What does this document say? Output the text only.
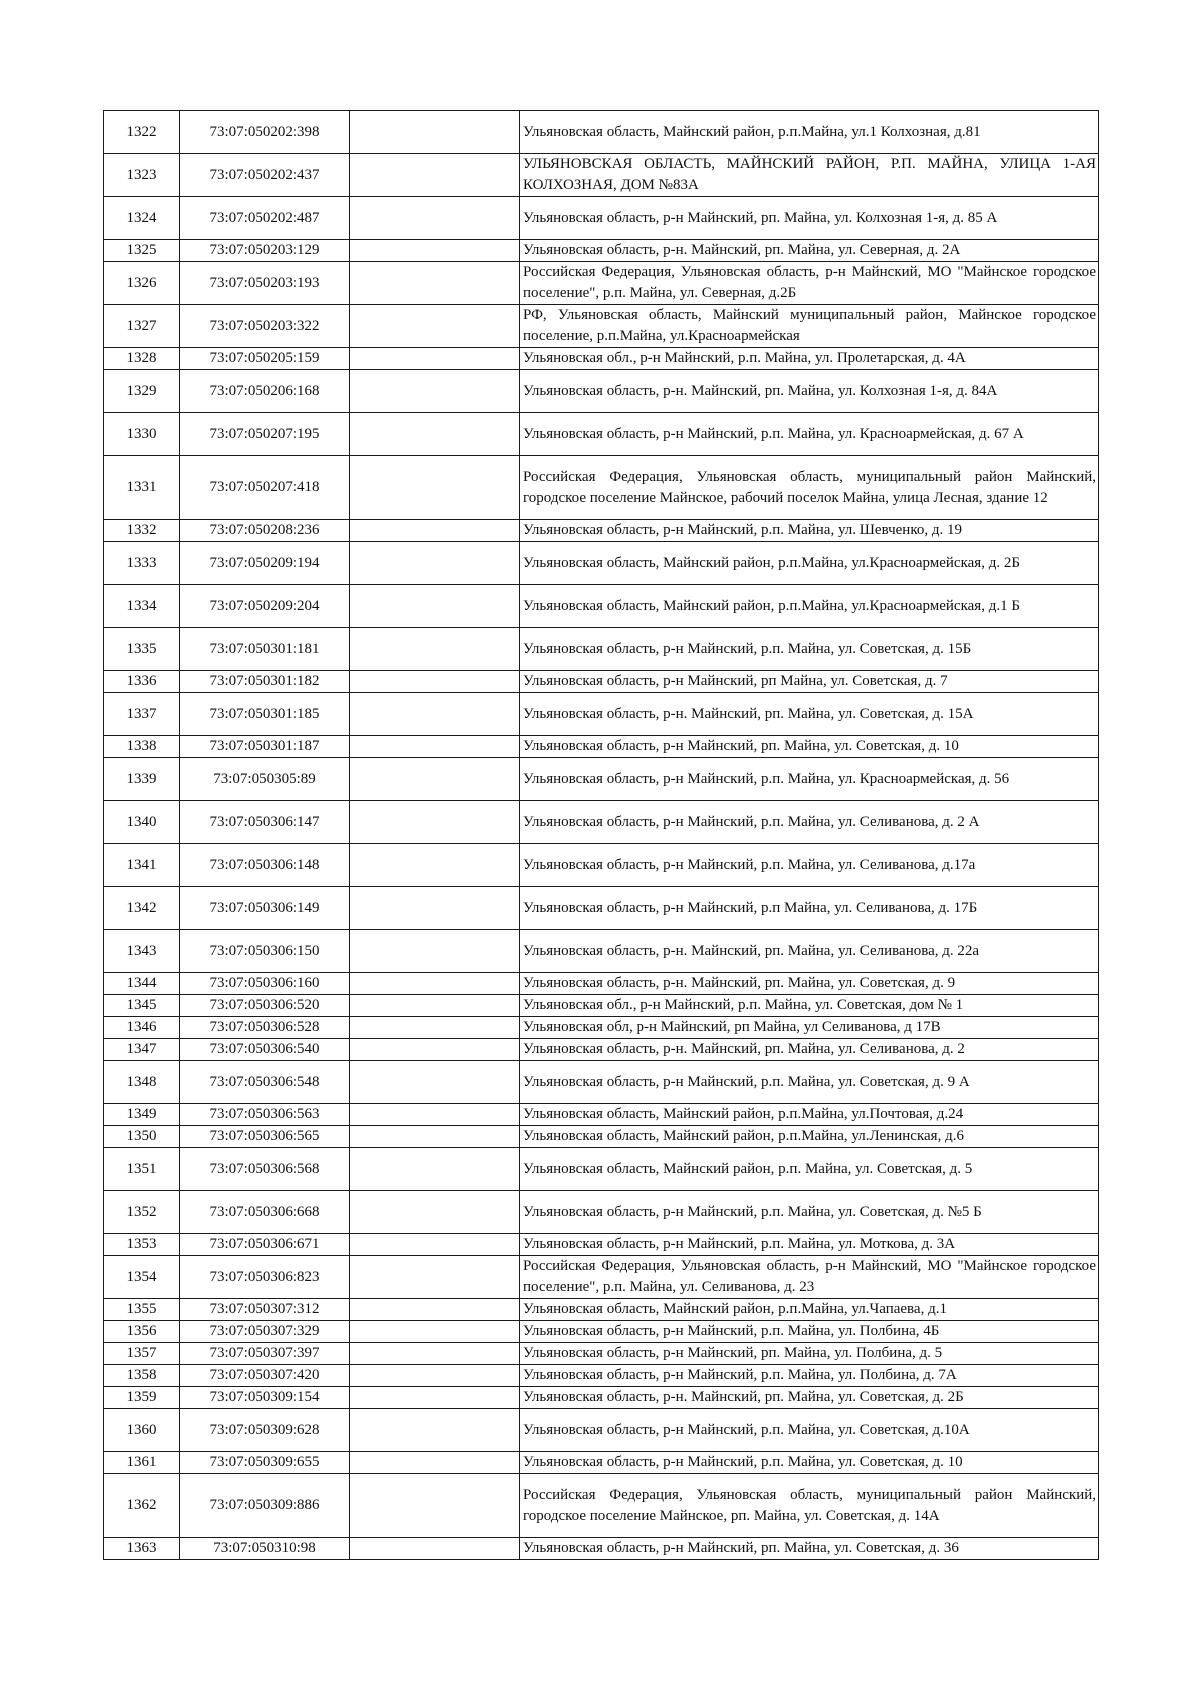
1322	73:07:050202:398		Ульяновская область, Майнский район, р.п.Майна, ул.1 Колхозная, д.81
1323	73:07:050202:437		УЛЬЯНОВСКАЯ ОБЛАСТЬ, МАЙНСКИЙ РАЙОН, Р.П. МАЙНА, УЛИЦА 1-АЯ КОЛХОЗНАЯ, ДОМ №83А
1324	73:07:050202:487		Ульяновская область, р-н Майнский, рп. Майна, ул. Колхозная 1-я, д. 85 А
1325	73:07:050203:129		Ульяновская область, р-н. Майнский, рп. Майна, ул. Северная, д. 2А
1326	73:07:050203:193		Российская Федерация, Ульяновская область, р-н Майнский, МО "Майнское городское поселение", р.п. Майна, ул. Северная, д.2Б
1327	73:07:050203:322		РФ, Ульяновская область, Майнский муниципальный район, Майнское городское поселение, р.п.Майна, ул.Красноармейская
1328	73:07:050205:159		Ульяновская обл., р-н Майнский, р.п. Майна, ул. Пролетарская, д. 4А
1329	73:07:050206:168		Ульяновская область, р-н. Майнский, рп. Майна, ул. Колхозная 1-я, д. 84А
1330	73:07:050207:195		Ульяновская область, р-н Майнский, р.п. Майна, ул. Красноармейская, д. 67 А
1331	73:07:050207:418		Российская Федерация, Ульяновская область, муниципальный район Майнский, городское поселение Майнское, рабочий поселок Майна, улица Лесная, здание 12
1332	73:07:050208:236		Ульяновская область, р-н Майнский, р.п. Майна, ул. Шевченко, д. 19
1333	73:07:050209:194		Ульяновская область, Майнский район, р.п.Майна, ул.Красноармейская, д. 2Б
1334	73:07:050209:204		Ульяновская область, Майнский район, р.п.Майна, ул.Красноармейская, д.1 Б
1335	73:07:050301:181		Ульяновская область, р-н Майнский, р.п. Майна, ул. Советская, д. 15Б
1336	73:07:050301:182		Ульяновская область, р-н Майнский, рп Майна, ул. Советская, д. 7
1337	73:07:050301:185		Ульяновская область, р-н. Майнский, рп. Майна, ул. Советская, д. 15А
1338	73:07:050301:187		Ульяновская область, р-н Майнский, рп. Майна, ул. Советская, д. 10
1339	73:07:050305:89		Ульяновская область, р-н Майнский, р.п. Майна, ул. Красноармейская, д. 56
1340	73:07:050306:147		Ульяновская область, р-н Майнский, р.п. Майна, ул. Селиванова, д. 2 А
1341	73:07:050306:148		Ульяновская область, р-н Майнский, р.п. Майна, ул. Селиванова, д.17а
1342	73:07:050306:149		Ульяновская область, р-н Майнский, р.п Майна, ул. Селиванова, д. 17Б
1343	73:07:050306:150		Ульяновская область, р-н. Майнский, рп. Майна, ул. Селиванова, д. 22а
1344	73:07:050306:160		Ульяновская область, р-н. Майнский, рп. Майна, ул. Советская, д. 9
1345	73:07:050306:520		Ульяновская обл., р-н Майнский, р.п. Майна, ул. Советская, дом № 1
1346	73:07:050306:528		Ульяновская обл, р-н Майнский, рп Майна, ул Селиванова, д 17В
1347	73:07:050306:540		Ульяновская область, р-н. Майнский, рп. Майна, ул. Селиванова, д. 2
1348	73:07:050306:548		Ульяновская область, р-н Майнский, р.п. Майна, ул. Советская, д. 9 А
1349	73:07:050306:563		Ульяновская область, Майнский район, р.п.Майна, ул.Почтовая, д.24
1350	73:07:050306:565		Ульяновская область, Майнский район, р.п.Майна, ул.Ленинская, д.6
1351	73:07:050306:568		Ульяновская область, Майнский район, р.п. Майна, ул. Советская, д. 5
1352	73:07:050306:668		Ульяновская область, р-н Майнский, р.п. Майна, ул. Советская, д. №5 Б
1353	73:07:050306:671		Ульяновская область, р-н Майнский, р.п. Майна, ул. Моткова, д. 3А
1354	73:07:050306:823		Российская Федерация, Ульяновская область, р-н Майнский, МО "Майнское городское поселение", р.п. Майна, ул. Селиванова, д. 23
1355	73:07:050307:312		Ульяновская область, Майнский район, р.п.Майна, ул.Чапаева, д.1
1356	73:07:050307:329		Ульяновская область, р-н Майнский, р.п. Майна, ул. Полбина, 4Б
1357	73:07:050307:397		Ульяновская область, р-н Майнский, рп. Майна, ул. Полбина, д. 5
1358	73:07:050307:420		Ульяновская область, р-н Майнский, р.п. Майна, ул. Полбина, д. 7А
1359	73:07:050309:154		Ульяновская область, р-н. Майнский, рп. Майна, ул. Советская, д. 2Б
1360	73:07:050309:628		Ульяновская область, р-н Майнский, р.п. Майна, ул. Советская, д.10А
1361	73:07:050309:655		Ульяновская область, р-н Майнский, р.п. Майна, ул. Советская, д. 10
1362	73:07:050309:886		Российская Федерация, Ульяновская область, муниципальный район Майнский, городское поселение Майнское, рп. Майна, ул. Советская, д. 14А
1363	73:07:050310:98		Ульяновская область, р-н Майнский, рп. Майна, ул. Советская, д. 36
